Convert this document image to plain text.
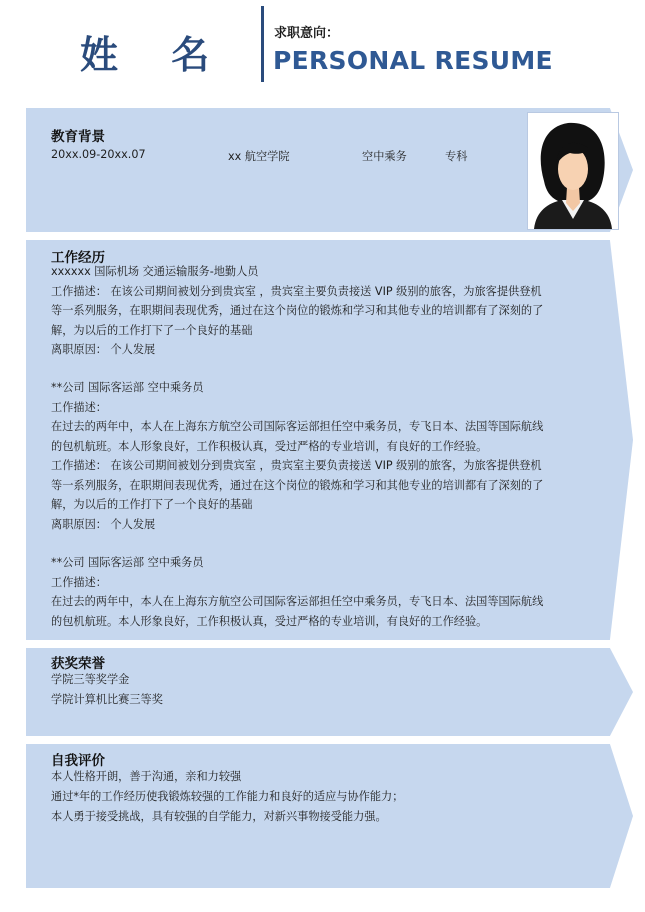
姓 名	求职意向：
PERSONAL RESUME
教育背景
20xx.09-20xx.07	xx 航空学院	空中乘务	专科
工作经历
xxxxxx 国际机场 交通运输服务-地勤人员
工作描述： 在该公司期间被划分到贵宾室 ，贵宾室主要负责接送 VIP 级别的旅客，为旅客提供登机
等一系列服务，在职期间表现优秀，通过在这个岗位的锻炼和学习和其他专业的培训都有了深刻的了
解，为以后的工作打下了一个良好的基础
离职原因： 个人发展
**公司 国际客运部 空中乘务员
工作描述：
在过去的两年中，本人在上海东方航空公司国际客运部担任空中乘务员，专飞日本、法国等国际航线
的包机航班。本人形象良好，工作积极认真，受过严格的专业培训，有良好的工作经验。
工作描述： 在该公司期间被划分到贵宾室 ，贵宾室主要负责接送 VIP 级别的旅客，为旅客提供登机
等一系列服务，在职期间表现优秀，通过在这个岗位的锻炼和学习和其他专业的培训都有了深刻的了
解，为以后的工作打下了一个良好的基础
离职原因： 个人发展
**公司 国际客运部 空中乘务员
工作描述：
在过去的两年中，本人在上海东方航空公司国际客运部担任空中乘务员，专飞日本、法国等国际航线
的包机航班。本人形象良好，工作积极认真，受过严格的专业培训，有良好的工作经验。
获奖荣誉
学院三等奖学金
学院计算机比赛三等奖
自我评价
本人性格开朗，善于沟通，亲和力较强
通过*年的工作经历使我锻炼较强的工作能力和良好的适应与协作能力；
本人勇于接受挑战，具有较强的自学能力，对新兴事物接受能力强。
